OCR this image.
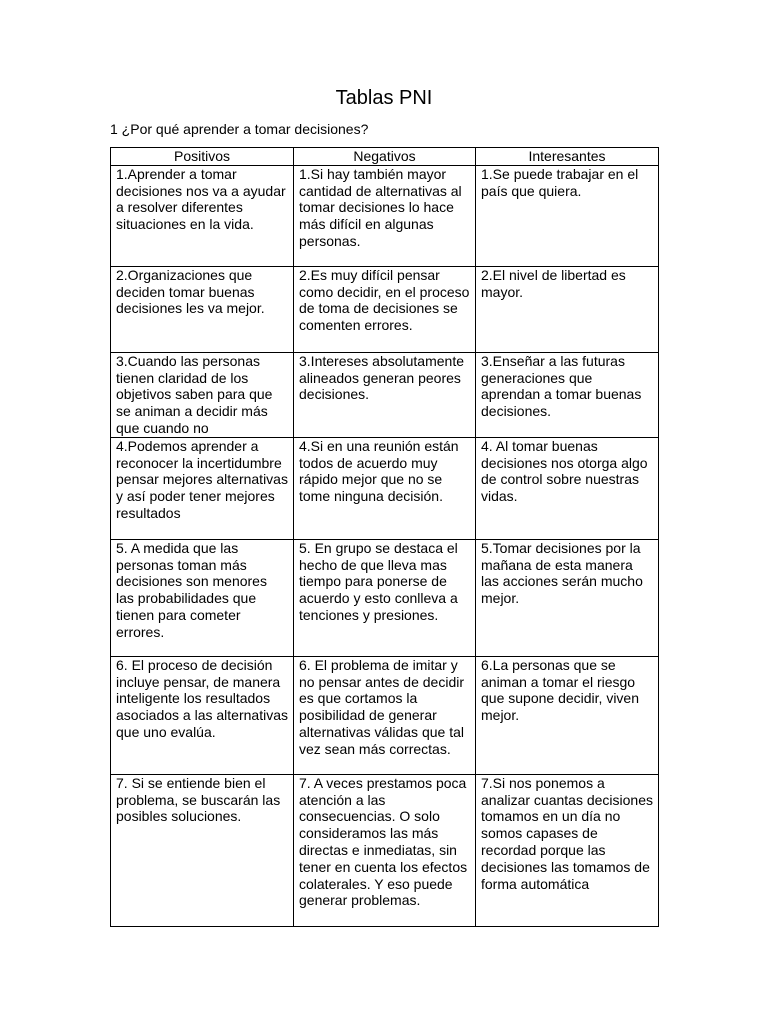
Tablas PNI
1 ¿Por qué aprender a tomar decisiones?
Positivos	Negativos	Interesantes
1.Aprender a tomar decisiones nos va a ayudar a resolver diferentes situaciones en la vida.	1.Si hay también mayor cantidad de alternativas al tomar decisiones lo hace más difícil en algunas personas.	1.Se puede trabajar en el país que quiera.
2.Organizaciones que deciden tomar buenas decisiones les va mejor.	2.Es muy difícil pensar como decidir, en el proceso de toma de decisiones se comenten errores.	2.El nivel de libertad es mayor.
3.Cuando las personas tienen claridad de los objetivos saben para que se animan a decidir más que cuando no	3.Intereses absolutamente alineados generan peores decisiones.	3.Enseñar a las futuras generaciones que aprendan a tomar buenas decisiones.
4.Podemos aprender a reconocer la incertidumbre pensar mejores alternativas y así poder tener mejores resultados	4.Si en una reunión están todos de acuerdo muy rápido mejor que no se tome ninguna decisión.	4. Al tomar buenas decisiones nos otorga algo de control sobre nuestras vidas.
5. A medida que las personas toman más decisiones son menores las probabilidades que tienen para cometer errores.	5. En grupo se destaca el hecho de que lleva mas tiempo para ponerse de acuerdo y esto conlleva a tenciones y presiones.	5.Tomar decisiones por la mañana de esta manera las acciones serán mucho mejor.
6. El proceso de decisión incluye pensar, de manera inteligente los resultados asociados a las alternativas que uno evalúa.	6. El problema de imitar y no pensar antes de decidir es que cortamos la posibilidad de generar alternativas válidas que tal vez sean más correctas.	6.La personas que se animan a tomar el riesgo que supone decidir, viven mejor.
7. Si se entiende bien el problema, se buscarán las posibles soluciones.	7. A veces prestamos poca atención a las consecuencias. O solo consideramos las más directas e inmediatas, sin tener en cuenta los efectos colaterales. Y eso puede generar problemas.	7.Si nos ponemos a analizar cuantas decisiones tomamos en un día no somos capases de recordad porque las decisiones las tomamos de forma automática
